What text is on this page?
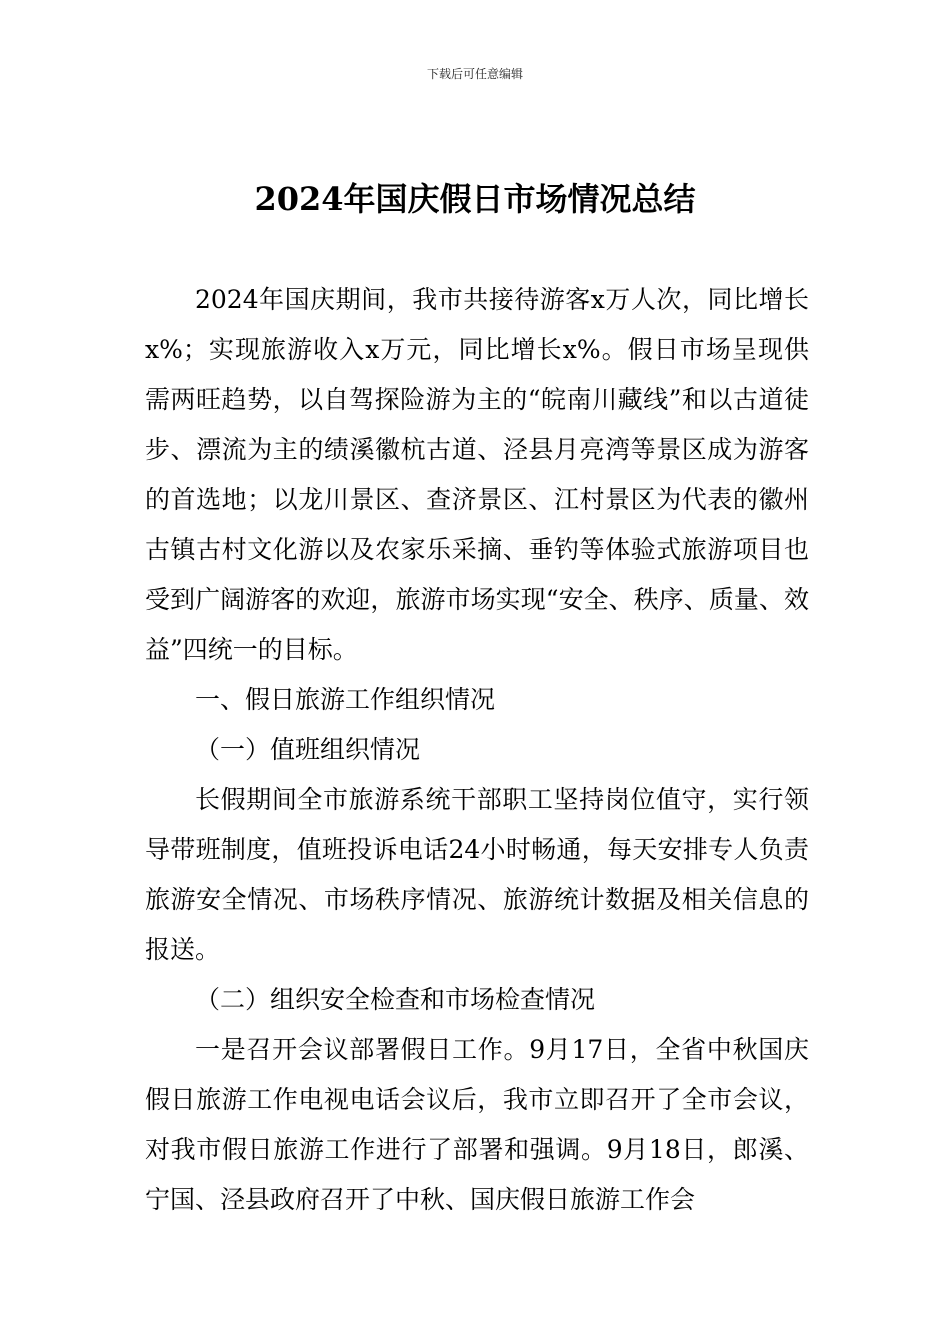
下载后可任意编辑
2024年国庆假日市场情况总结

2024年国庆期间，我市共接待游客x万人次，同比增长x%；实现旅游收入x万元，同比增长x%。假日市场呈现供需两旺趋势，以自驾探险游为主的“皖南川藏线”和以古道徒步、漂流为主的绩溪徽杭古道、泾县月亮湾等景区成为游客的首选地；以龙川景区、查济景区、江村景区为代表的徽州古镇古村文化游以及农家乐采摘、垂钓等体验式旅游项目也受到广阔游客的欢迎，旅游市场实现“安全、秩序、质量、效益”四统一的目标。

一、假日旅游工作组织情况

（一）值班组织情况

长假期间全市旅游系统干部职工坚持岗位值守，实行领导带班制度，值班投诉电话24小时畅通，每天安排专人负责旅游安全情况、市场秩序情况、旅游统计数据及相关信息的报送。

（二）组织安全检查和市场检查情况

一是召开会议部署假日工作。9月17日，全省中秋国庆假日旅游工作电视电话会议后，我市立即召开了全市会议，对我市假日旅游工作进行了部署和强调。9月18日，郎溪、宁国、泾县政府召开了中秋、国庆假日旅游工作会
